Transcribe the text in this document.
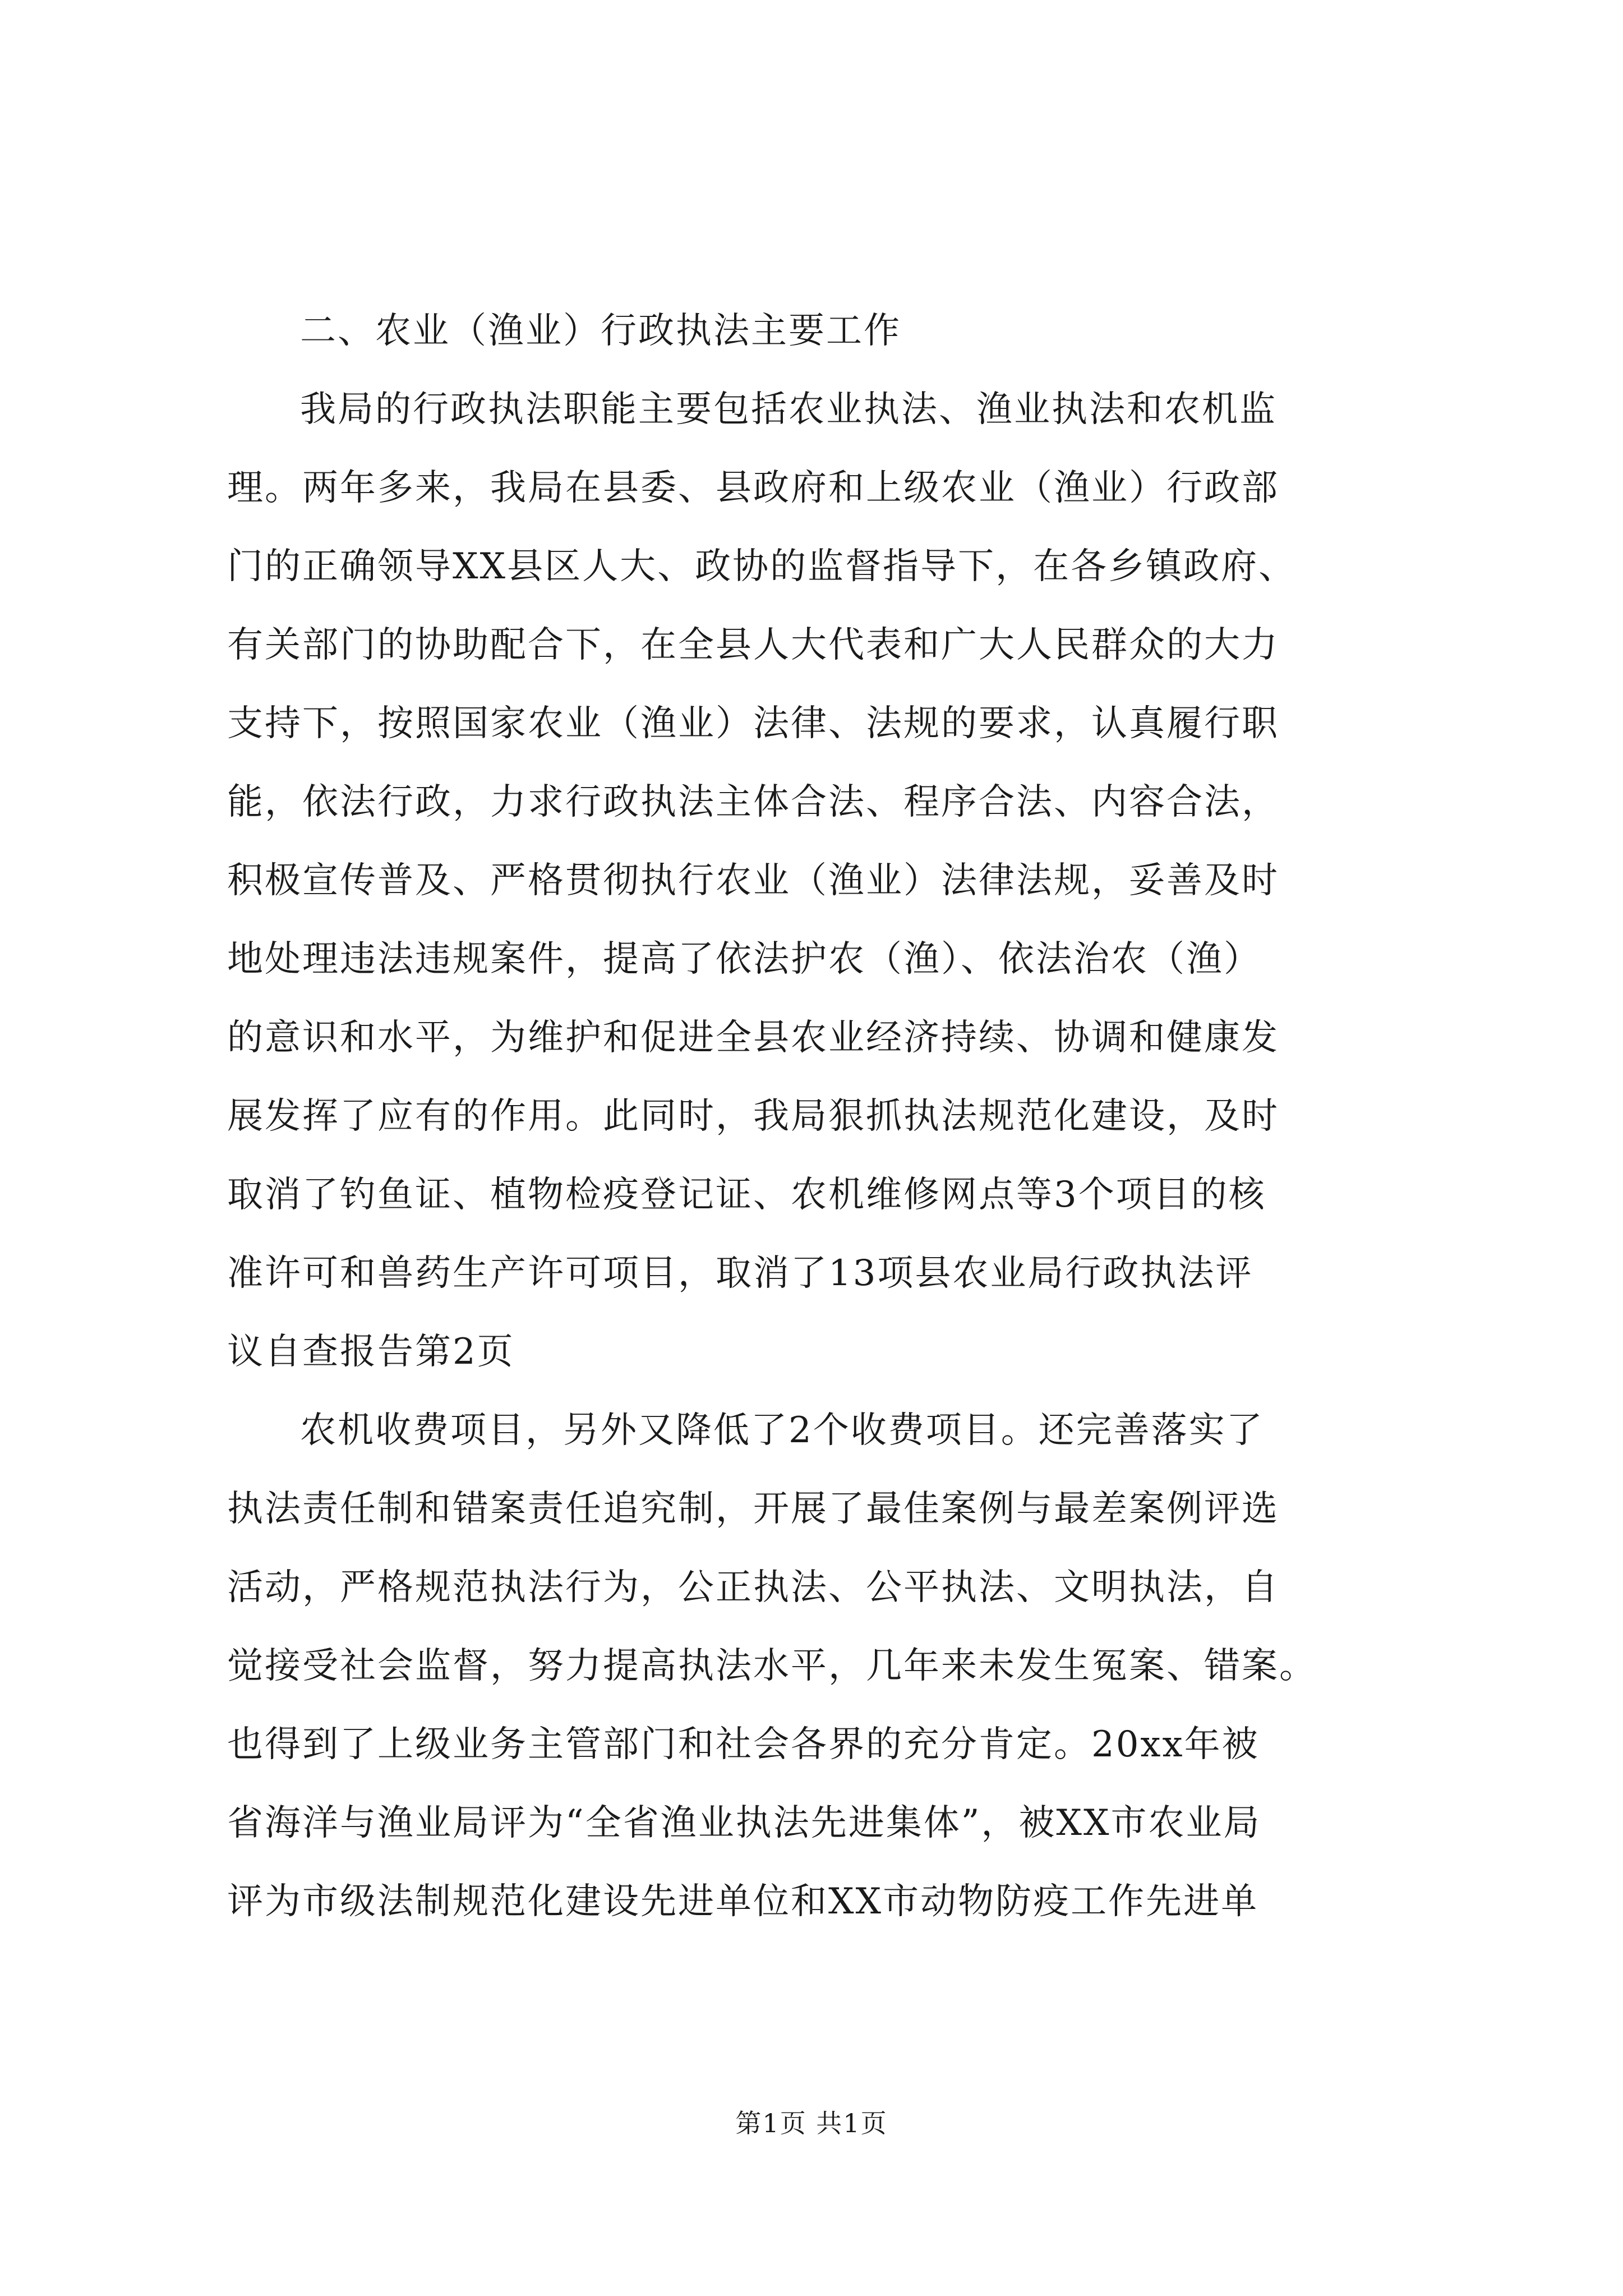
二、农业（渔业）行政执法主要工作
我局的行政执法职能主要包括农业执法、渔业执法和农机监
理。两年多来，我局在县委、县政府和上级农业（渔业）行政部
门的正确领导XX县区人大、政协的监督指导下，在各乡镇政府、
有关部门的协助配合下，在全县人大代表和广大人民群众的大力
支持下，按照国家农业（渔业）法律、法规的要求，认真履行职
能，依法行政，力求行政执法主体合法、程序合法、内容合法，
积极宣传普及、严格贯彻执行农业（渔业）法律法规，妥善及时
地处理违法违规案件，提高了依法护农（渔）、依法治农（渔）
的意识和水平，为维护和促进全县农业经济持续、协调和健康发
展发挥了应有的作用。此同时，我局狠抓执法规范化建设，及时
取消了钓鱼证、植物检疫登记证、农机维修网点等3个项目的核
准许可和兽药生产许可项目，取消了13项县农业局行政执法评
议自查报告第2页
农机收费项目，另外又降低了2个收费项目。还完善落实了
执法责任制和错案责任追究制，开展了最佳案例与最差案例评选
活动，严格规范执法行为，公正执法、公平执法、文明执法，自
觉接受社会监督，努力提高执法水平，几年来未发生冤案、错案。
也得到了上级业务主管部门和社会各界的充分肯定。20xx年被
省海洋与渔业局评为“全省渔业执法先进集体”，被XX市农业局
评为市级法制规范化建设先进单位和XX市动物防疫工作先进单
第1页 共1页
